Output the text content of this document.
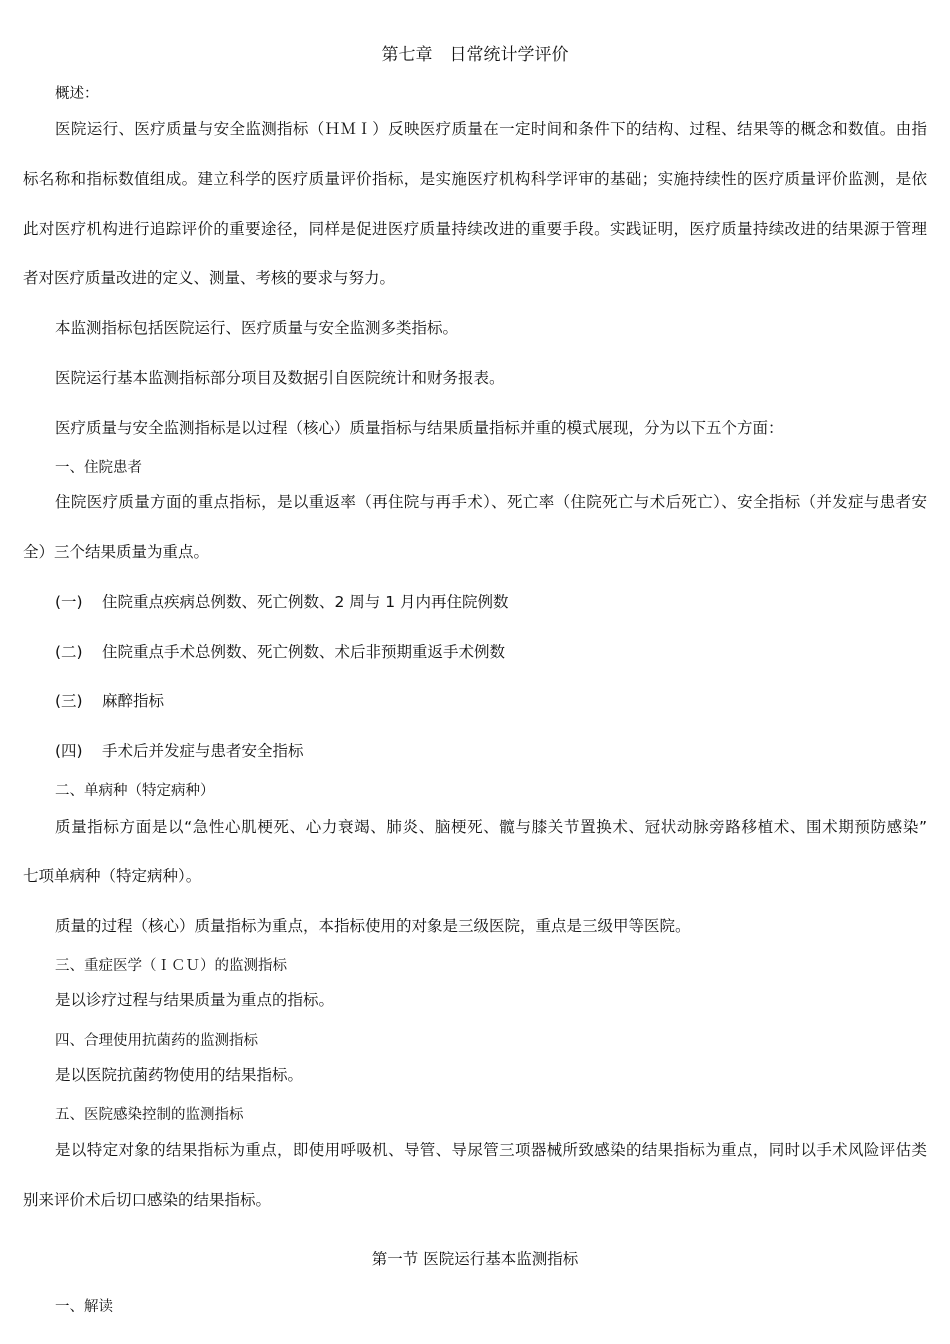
第七章　日常统计学评价
概述：
医院运行、医疗质量与安全监测指标（ＨＭＩ）反映医疗质量在一定时间和条件下的结构、过程、结果等的概念和数值。由指
标名称和指标数值组成。建立科学的医疗质量评价指标，是实施医疗机构科学评审的基础；实施持续性的医疗质量评价监测，是依
此对医疗机构进行追踪评价的重要途径，同样是促进医疗质量持续改进的重要手段。实践证明，医疗质量持续改进的结果源于管理
者对医疗质量改进的定义、测量、考核的要求与努力。
本监测指标包括医院运行、医疗质量与安全监测多类指标。
医院运行基本监测指标部分项目及数据引自医院统计和财务报表。
医疗质量与安全监测指标是以过程（核心）质量指标与结果质量指标并重的模式展现，分为以下五个方面：
一、住院患者
住院医疗质量方面的重点指标，是以重返率（再住院与再手术）、死亡率（住院死亡与术后死亡）、安全指标（并发症与患者安
全）三个结果质量为重点。
(一) 住院重点疾病总例数、死亡例数、2 周与 1 月内再住院例数
(二) 住院重点手术总例数、死亡例数、术后非预期重返手术例数
(三) 麻醉指标
(四) 手术后并发症与患者安全指标
二、单病种（特定病种）
质量指标方面是以“急性心肌梗死、心力衰竭、肺炎、脑梗死、髋与膝关节置换术、冠状动脉旁路移植术、围术期预防感染”
七项单病种（特定病种）。
质量的过程（核心）质量指标为重点，本指标使用的对象是三级医院，重点是三级甲等医院。
三、重症医学（ＩＣＵ）的监测指标
是以诊疗过程与结果质量为重点的指标。
四、合理使用抗菌药的监测指标
是以医院抗菌药物使用的结果指标。
五、医院感染控制的监测指标
是以特定对象的结果指标为重点，即使用呼吸机、导管、导尿管三项器械所致感染的结果指标为重点，同时以手术风险评估类
别来评价术后切口感染的结果指标。
第一节 医院运行基本监测指标
一、解读
